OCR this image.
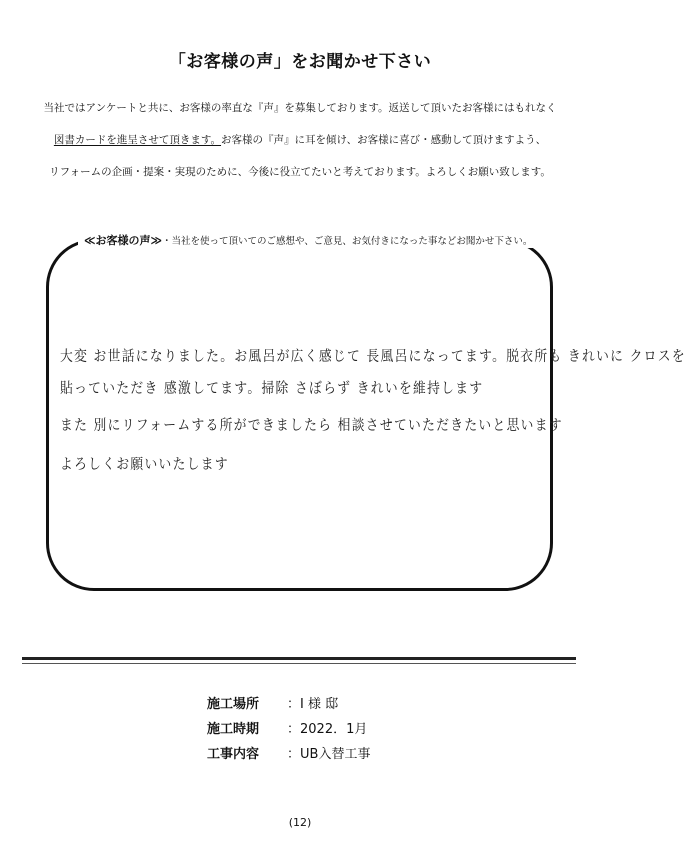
「お客様の声」をお聞かせ下さい
当社ではアンケートと共に、お客様の率直な『声』を募集しております。返送して頂いたお客様にはもれなく
図書カードを進呈させて頂きます。お客様の『声』に耳を傾け、お客様に喜び・感動して頂けますよう、
リフォームの企画・提案・実現のために、今後に役立てたいと考えております。よろしくお願い致します。
≪お客様の声≫・当社を使って頂いてのご感想や、ご意見、お気付きになった事などお聞かせ下さい。
大変 お世話になりました。お風呂が広く感じて 長風呂になってます。脱衣所も きれいに クロスを
貼っていただき 感激してます。掃除 さぼらず きれいを維持します
また 別にリフォームする所ができましたら 相談させていただきたいと思います
よろしくお願いいたします
施工場所 ：I 様 邸
施工時期 ：2022．1月
工事内容 ：UB入替工事
(12)
